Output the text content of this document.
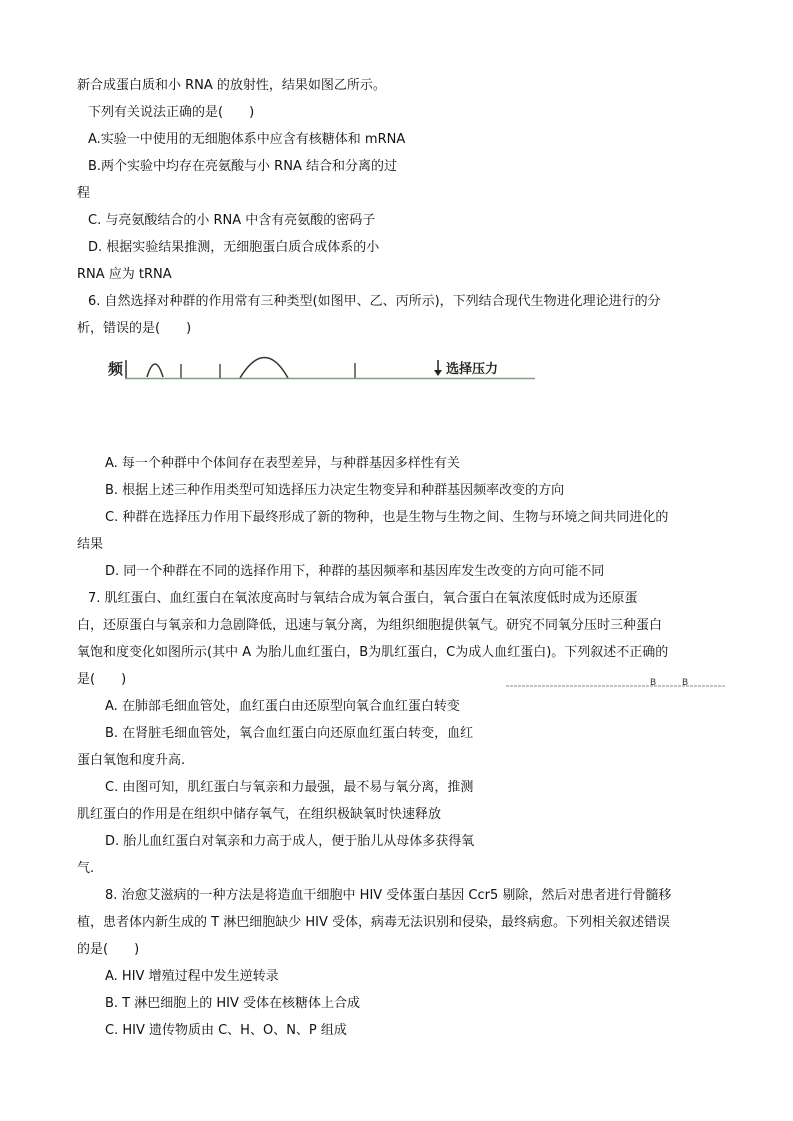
新合成蛋白质和小 RNA 的放射性，结果如图乙所示。
下列有关说法正确的是(　　)
A.实验一中使用的无细胞体系中应含有核糖体和 mRNA
B.两个实验中均存在亮氨酸与小 RNA 结合和分离的过
程
C. 与亮氨酸结合的小 RNA 中含有亮氨酸的密码子
D. 根据实验结果推测，无细胞蛋白质合成体系的小
RNA 应为 tRNA
6. 自然选择对种群的作用常有三种类型(如图甲、乙、丙所示)，下列结合现代生物进化理论进行的分
析，错误的是(　　)
频	选择压力
A. 每一个种群中个体间存在表型差异，与种群基因多样性有关
B. 根据上述三种作用类型可知选择压力决定生物变异和种群基因频率改变的方向
C. 种群在选择压力作用下最终形成了新的物种，也是生物与生物之间、生物与环境之间共同进化的
结果
D. 同一个种群在不同的选择作用下，种群的基因频率和基因库发生改变的方向可能不同
7. 肌红蛋白、血红蛋白在氧浓度高时与氧结合成为氧合蛋白，氧合蛋白在氧浓度低时成为还原蛋
白，还原蛋白与氧亲和力急剧降低，迅速与氧分离，为组织细胞提供氧气。研究不同氧分压时三种蛋白
氧饱和度变化如图所示(其中 A 为胎儿血红蛋白，B为肌红蛋白，C为成人血红蛋白)。下列叙述不正确的
是(　　)	B	B
A. 在肺部毛细血管处，血红蛋白由还原型向氧合血红蛋白转变
B. 在肾脏毛细血管处，氧合血红蛋白向还原血红蛋白转变，血红
蛋白氧饱和度升高.
C. 由图可知，肌红蛋白与氧亲和力最强，最不易与氧分离，推测
肌红蛋白的作用是在组织中储存氧气，在组织极缺氧时快速释放
D. 胎儿血红蛋白对氧亲和力高于成人，便于胎儿从母体多获得氧
气.
8. 治愈艾滋病的一种方法是将造血干细胞中 HIV 受体蛋白基因 Ccr5 剔除，然后对患者进行骨髓移
植，患者体内新生成的 T 淋巴细胞缺少 HIV 受体，病毒无法识别和侵染，最终病愈。下列相关叙述错误
的是(　　)
A. HIV 增殖过程中发生逆转录
B. T 淋巴细胞上的 HIV 受体在核糖体上合成
C. HIV 遗传物质由 C、H、O、N、P 组成
